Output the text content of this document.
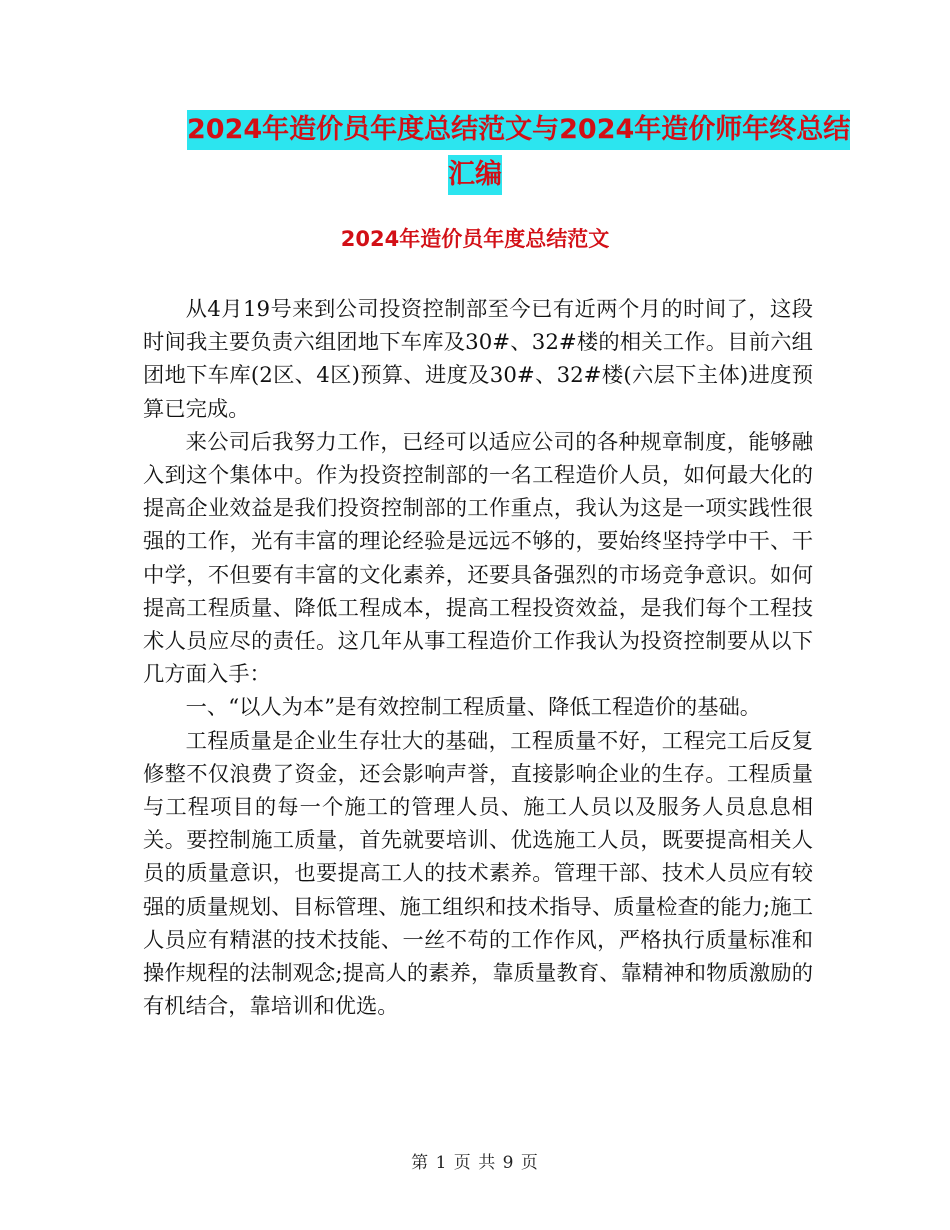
2024年造价员年度总结范文与2024年造价师年终总结
汇编
2024年造价员年度总结范文

从4月19号来到公司投资控制部至今已有近两个月的时间了，这段时间我主要负责六组团地下车库及30#、32#楼的相关工作。目前六组团地下车库(2区、4区)预算、进度及30#、32#楼(六层下主体)进度预算已完成。

来公司后我努力工作，已经可以适应公司的各种规章制度，能够融入到这个集体中。作为投资控制部的一名工程造价人员，如何最大化的提高企业效益是我们投资控制部的工作重点，我认为这是一项实践性很强的工作，光有丰富的理论经验是远远不够的，要始终坚持学中干、干中学，不但要有丰富的文化素养，还要具备强烈的市场竞争意识。如何提高工程质量、降低工程成本，提高工程投资效益，是我们每个工程技术人员应尽的责任。这几年从事工程造价工作我认为投资控制要从以下几方面入手：

一、“以人为本”是有效控制工程质量、降低工程造价的基础。

工程质量是企业生存壮大的基础，工程质量不好，工程完工后反复修整不仅浪费了资金，还会影响声誉，直接影响企业的生存。工程质量与工程项目的每一个施工的管理人员、施工人员以及服务人员息息相关。要控制施工质量，首先就要培训、优选施工人员，既要提高相关人员的质量意识，也要提高工人的技术素养。管理干部、技术人员应有较强的质量规划、目标管理、施工组织和技术指导、质量检查的能力;施工人员应有精湛的技术技能、一丝不苟的工作作风，严格执行质量标准和操作规程的法制观念;提高人的素养，靠质量教育、靠精神和物质激励的有机结合，靠培训和优选。

第 1 页 共 9 页
